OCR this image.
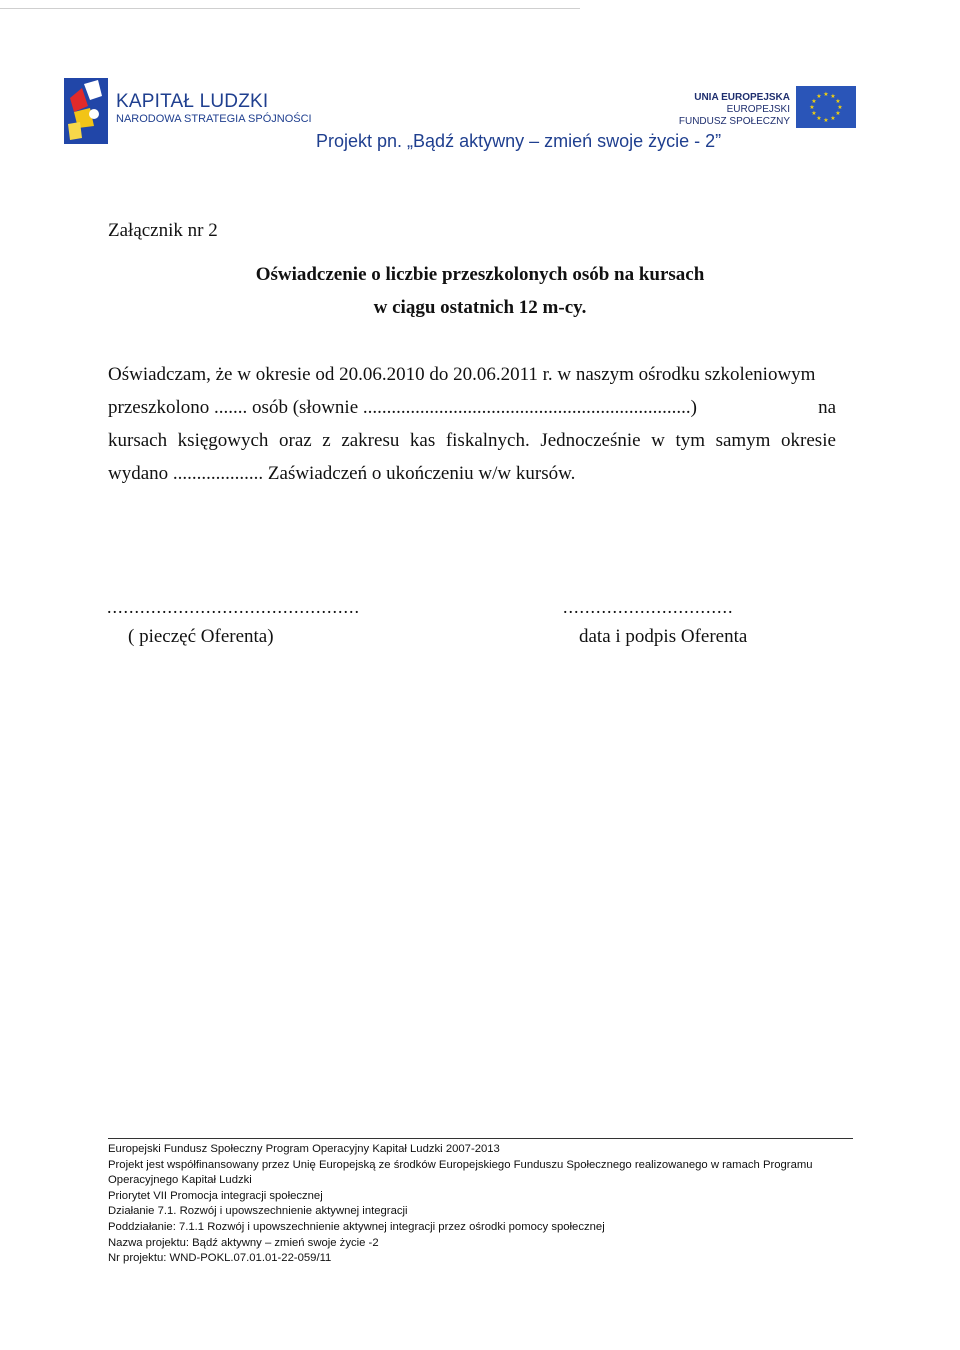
KAPITAŁ LUDZKI
NARODOWA STRATEGIA SPÓJNOŚCI
Projekt pn. „Bądź aktywny – zmień swoje życie - 2”
UNIA EUROPEJSKA
EUROPEJSKI
FUNDUSZ SPOŁECZNY
★ ★
★
★
★
★
★
★
★
★
★
★
Załącznik nr 2
Oświadczenie o liczbie przeszkolonych osób na kursach
w ciągu ostatnich 12 m-cy.
Oświadczam, że w okresie od 20.06.2010 do 20.06.2011 r. w naszym ośrodku szkoleniowym
przeszkolono ....... osób (słownie .....................................................................)	na
kursach księgowych oraz z zakresu kas fiskalnych. Jednocześnie w tym samym okresie
wydano ................... Zaświadczeń o ukończeniu w/w kursów.
..............................................	...............................
( pieczęć Oferenta)	data i podpis Oferenta
Europejski Fundusz Społeczny Program Operacyjny Kapitał Ludzki 2007-2013
Projekt jest współfinansowany przez Unię Europejską ze środków Europejskiego Funduszu Społecznego realizowanego w ramach Programu
Operacyjnego Kapitał Ludzki
Priorytet VII Promocja integracji społecznej
Działanie 7.1. Rozwój i upowszechnienie aktywnej integracji
Poddziałanie: 7.1.1 Rozwój i upowszechnienie aktywnej integracji przez ośrodki pomocy społecznej
Nazwa projektu: Bądź aktywny – zmień swoje życie -2
Nr projektu: WND-POKL.07.01.01-22-059/11
